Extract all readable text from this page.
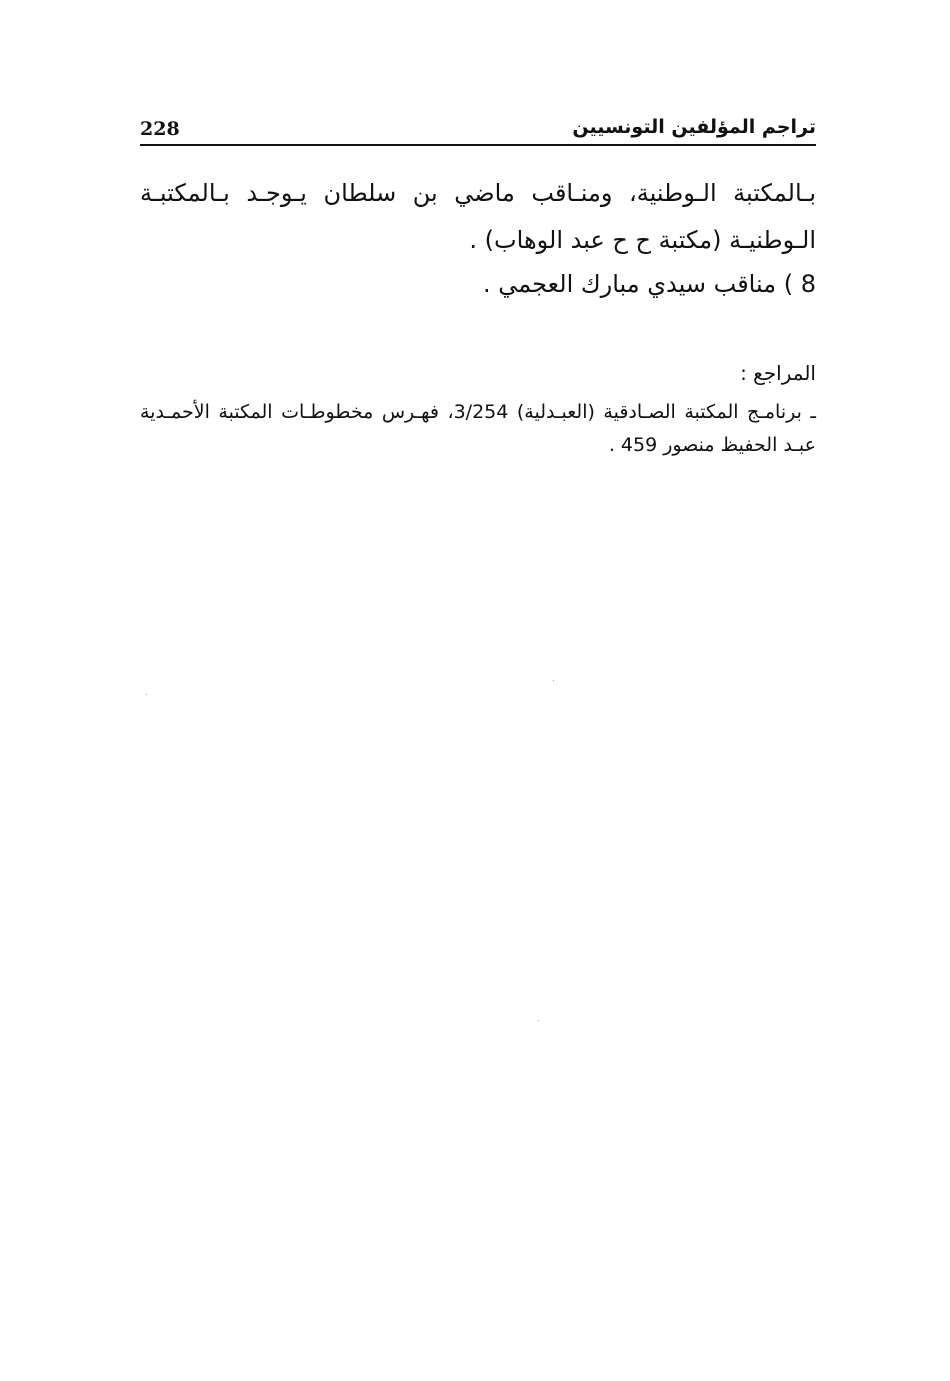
228	تراجم المؤلفين التونسيين
بـالمكتبة الـوطنية، ومنـاقب ماضي بن سلطان يـوجـد بـالمكتبـة الـوطنيـة (مكتبة ح ح عبد الوهاب) .
8 ) مناقب سيدي مبارك العجمي .
المراجع :
ـ برنامـج المكتبة الصـادقية (العبـدلية) 3/254، فهـرس مخطوطـات المكتبة الأحمـدية عبـد الحفيظ منصور 459 .
